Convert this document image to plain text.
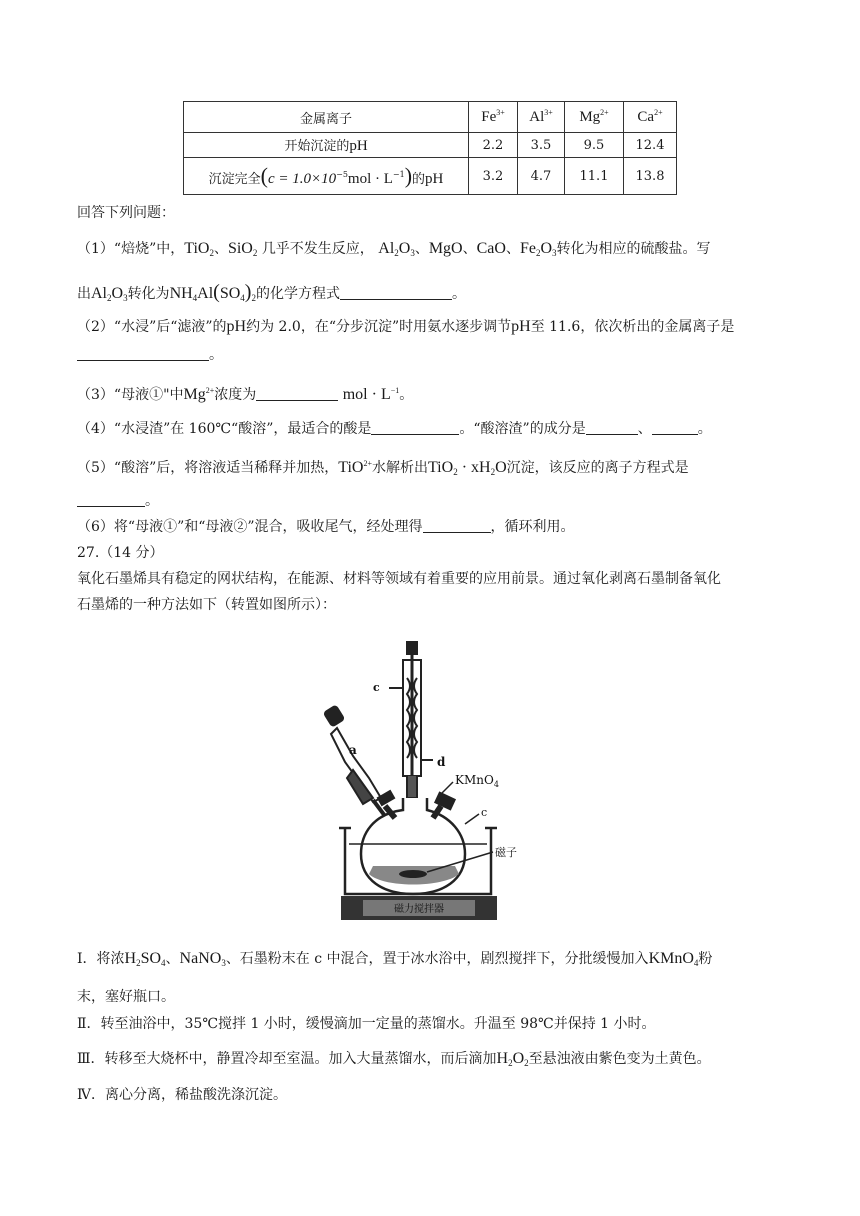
金属离子	$Fe^{3+}$	$Al^{3+}$	$Mg^{2+}$	$Ca^{2+}$
开始沉淀的pH	2.2	3.5	9.5	12.4
沉淀完全$(c = 1.0\times 10^{-5}mol \cdot L^{-1})$的pH	3.2	4.7	11.1	13.8
回答下列问题：
（1）“焙烧”中，TiO$_2$、SiO$_2$ 几乎不发生反应， $Al_2O_3$、MgO、CaO、$Fe_2O_3$转化为相应的硫酸盐。写
出$Al_2O_3$转化为$NH_4Al(SO_4)_2$的化学方程式	。
（2）“水浸”后“滤液”的pH约为 2.0，在“分步沉淀”时用氨水逐步调节pH至 11.6，依次析出的金属离子是
。
（3）“母液①"中$Mg^{2+}$浓度为	mol · $L^{-1}$。
（4）“水浸渣”在 160℃“酸溶”，最适合的酸是	。“酸溶渣”的成分是	、	。
（5）“酸溶”后，将溶液适当稀释并加热，TiO$^{2+}$水解析出$TiO_2 \cdot xH_2O$沉淀，该反应的离子方程式是
。
（6）将“母液①”和“母液②”混合，吸收尾气，经处理得	，循环利用。
27.（14 分）
氧化石墨烯具有稳定的网状结构，在能源、材料等领域有着重要的应用前景。通过氧化剥离石墨制备氧化
石墨烯的一种方法如下（转置如图所示）：
c
a
d
KMnO$_4$
c
磁子
磁力搅拌器
Ⅰ．将浓$H_2SO_4$、NaNO$_3$、石墨粉末在 c 中混合，置于冰水浴中，剧烈搅拌下，分批缓慢加入KMnO$_4$粉
末，塞好瓶口。
Ⅱ．转至油浴中，35℃搅拌 1 小时，缓慢滴加一定量的蒸馏水。升温至 98℃并保持 1 小时。
Ⅲ．转移至大烧杯中，静置冷却至室温。加入大量蒸馏水，而后滴加$H_2O_2$至悬浊液由紫色变为土黄色。
Ⅳ．离心分离，稀盐酸洗涤沉淀。
